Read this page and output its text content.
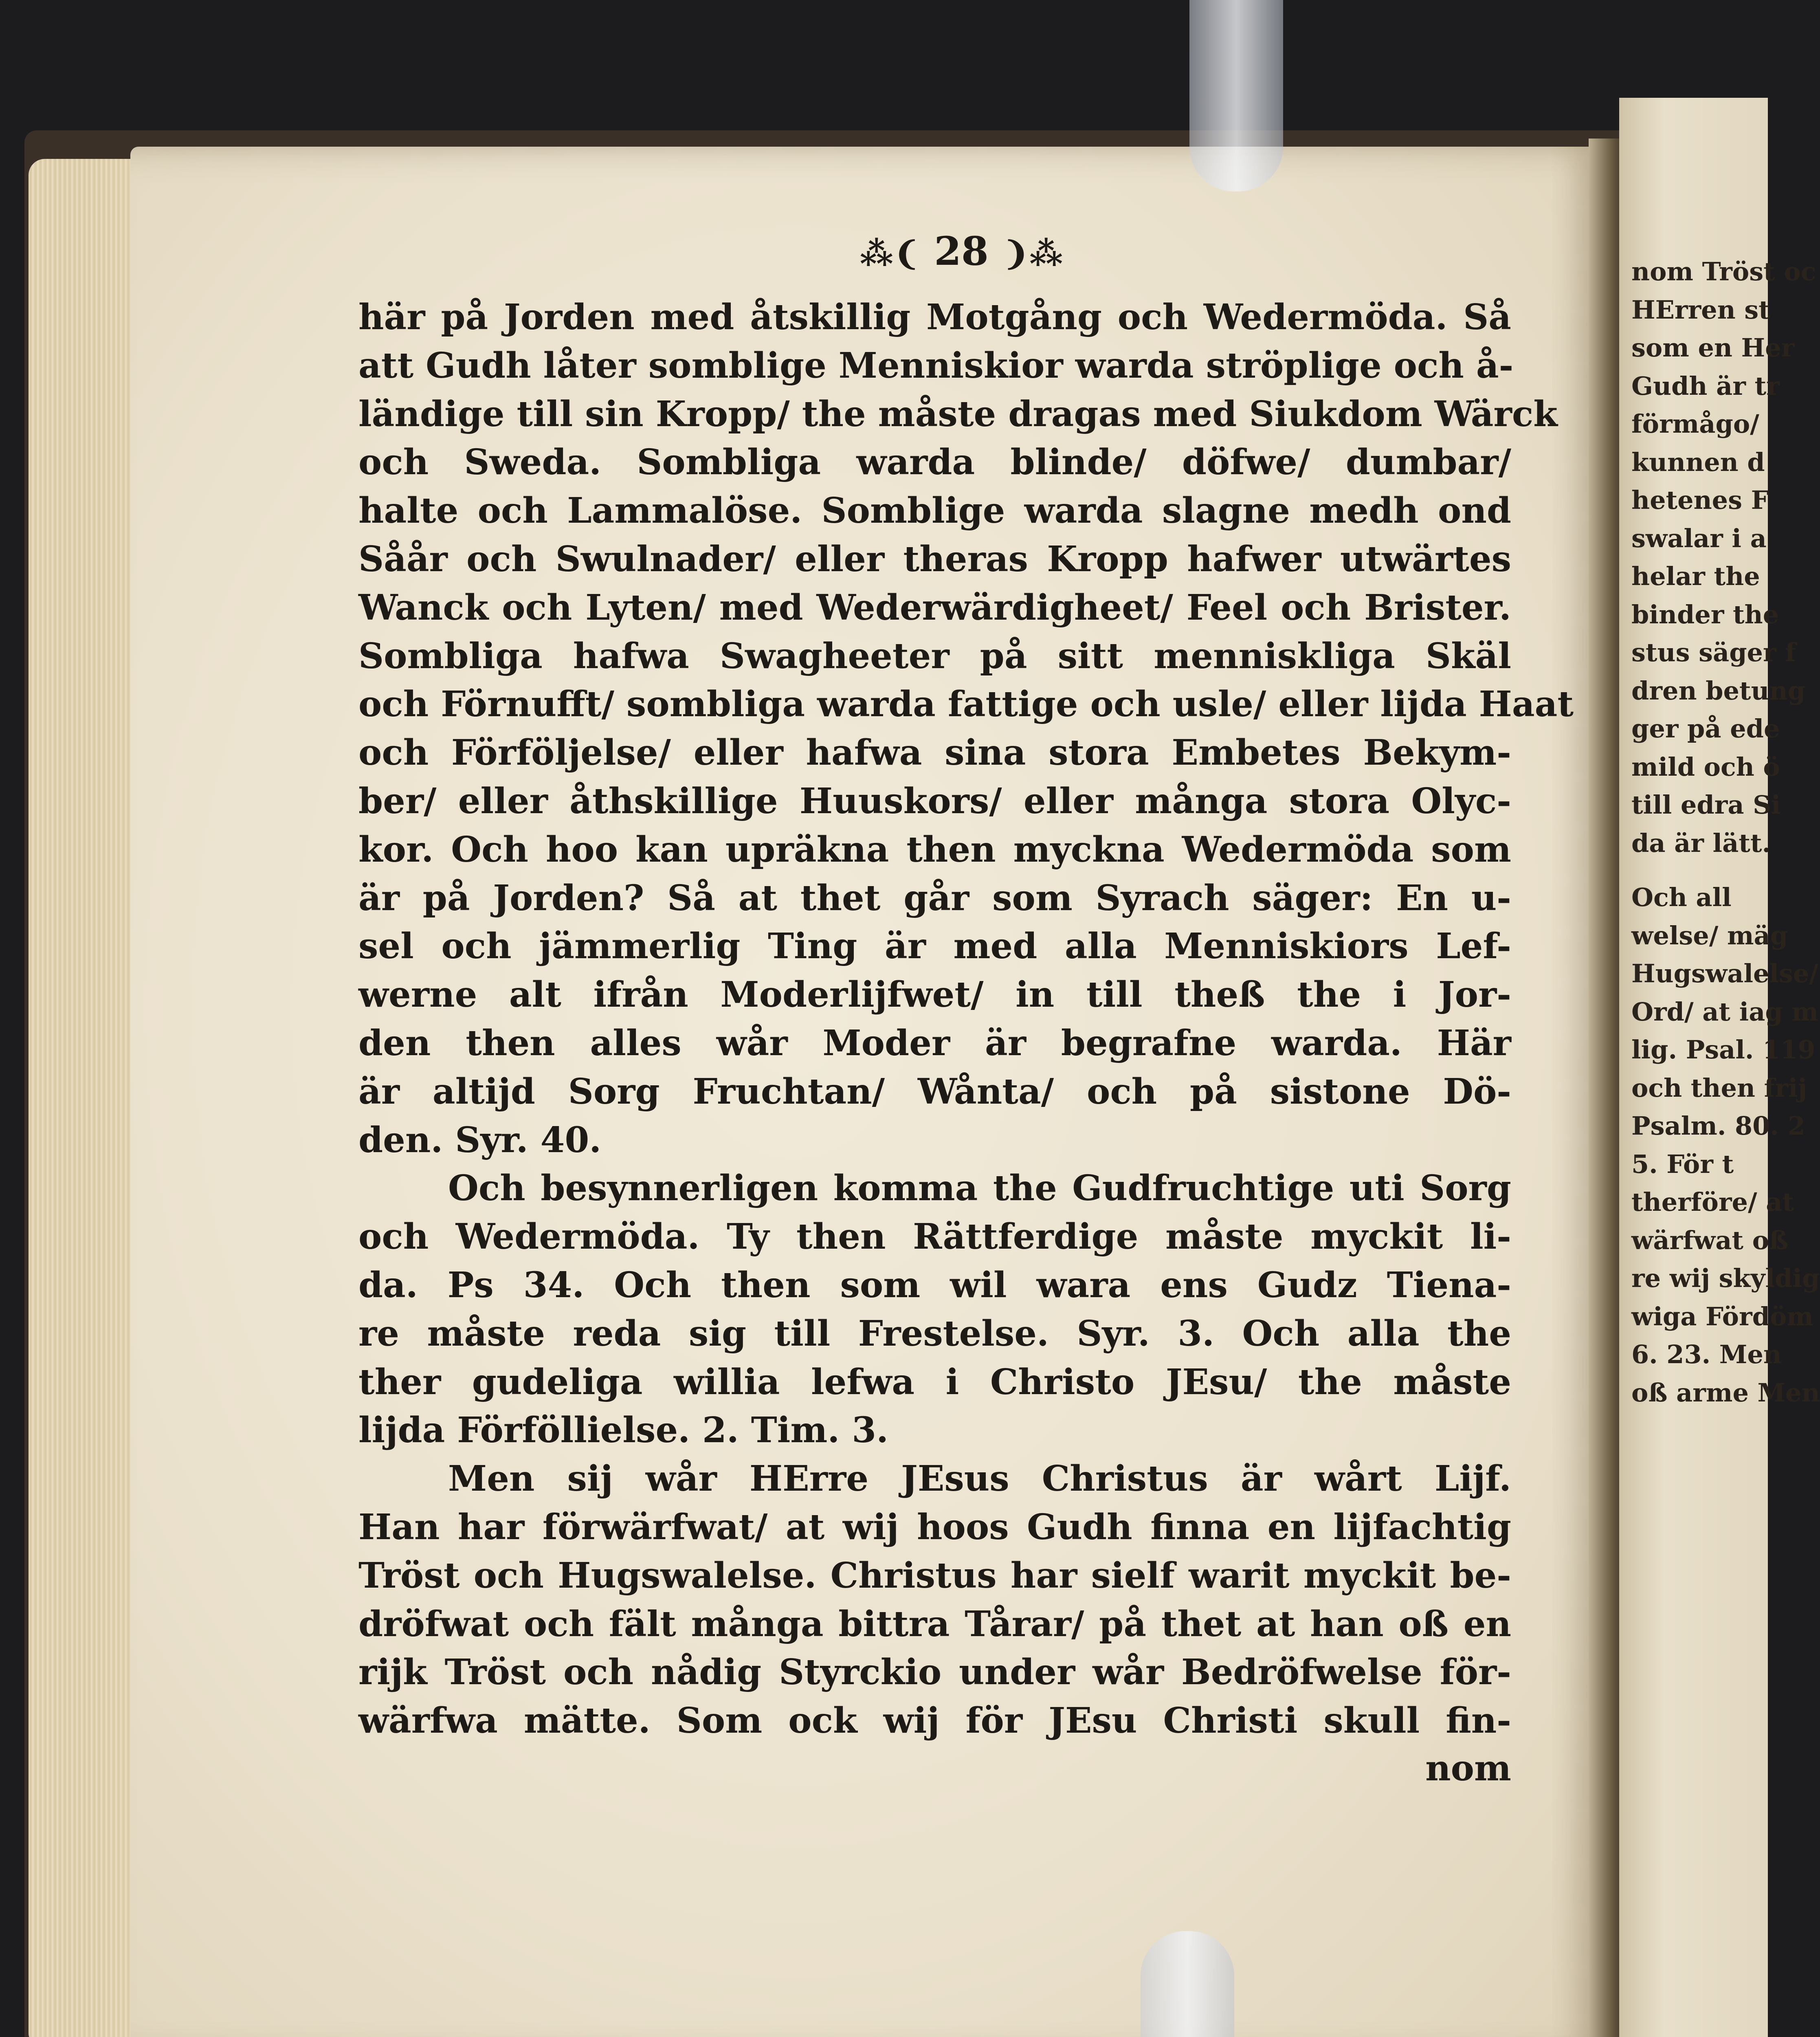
⁂❨ 28 ❩⁂
här på Jorden med åtskillig Motgång och Wedermöda. Så
att Gudh låter somblige Menniskior warda ströplige och å-
ländige till sin Kropp/ the måste dragas med Siukdom Wärck
och Sweda. Sombliga warda blinde/ döfwe/ dumbar/
halte och Lammalöse. Somblige warda slagne medh ond
Såår och Swulnader/ eller theras Kropp hafwer utwärtes
Wanck och Lyten/ med Wederwärdigheet/ Feel och Brister.
Sombliga hafwa Swagheeter på sitt menniskliga Skäl
och Förnufft/ sombliga warda fattige och usle/ eller lijda Haat
och Förföljelse/ eller hafwa sina stora Embetes Bekym-
ber/ eller åthskillige Huuskors/ eller många stora Olyc-
kor. Och hoo kan upräkna then myckna Wedermöda som
är på Jorden? Så at thet går som Syrach säger: En u-
sel och jämmerlig Ting är med alla Menniskiors Lef-
werne alt ifrån Moderlijfwet/ in till theß the i Jor-
den then alles wår Moder är begrafne warda. Här
är altijd Sorg Fruchtan/ Wånta/ och på sistone Dö-
den. Syr. 40.
Och besynnerligen komma the Gudfruchtige uti Sorg
och Wedermöda. Ty then Rättferdige måste myckit li-
da. Ps 34. Och then som wil wara ens Gudz Tiena-
re måste reda sig till Frestelse. Syr. 3. Och alla the
ther gudeliga willia lefwa i Christo JEsu/ the måste
lijda Förföllielse. 2. Tim. 3.
Men sij wår HErre JEsus Christus är wårt Lijf.
Han har förwärfwat/ at wij hoos Gudh finna en lijfachtig
Tröst och Hugswalelse. Christus har sielf warit myckit be-
dröfwat och fält många bittra Tårar/ på thet at han oß en
rijk Tröst och nådig Styrckio under wår Bedröfwelse för-
wärfwa mätte. Som ock wij för JEsu Christi skull fin-
nom
nom Tröst oc
HErren st
som en Her
Gudh är tr
förmågo/
kunnen d
hetenes F
swalar i a
helar the
binder the
stus säger f
dren betung
ger på ede
mild och ö
till edra Si
da är lätt.
Och all
welse/ mäg
Hugswalelse/
Ord/ at iag m
lig. Psal. 119
och then frij
Psalm. 80. 2
5. För t
therföre/ at
wärfwat oß
re wij skyldig
wiga Fördöm
6. 23. Men
oß arme Men
